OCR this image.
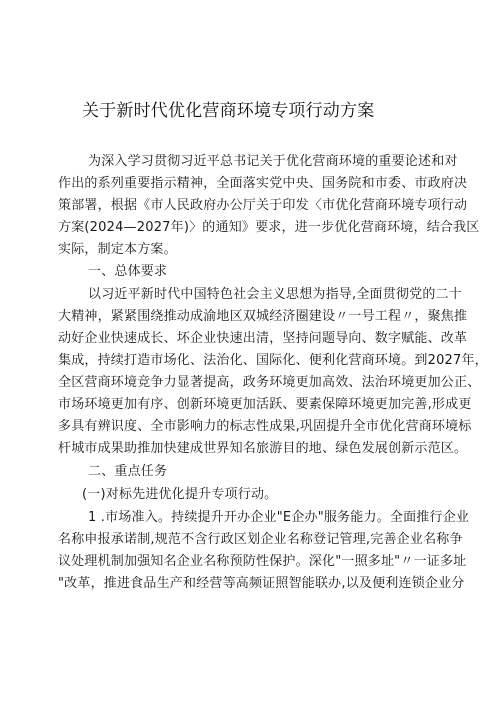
关于新时代优化营商环境专项行动方案
为深入学习贯彻习近平总书记关于优化营商环境的重要论述和对
作出的系列重要指示精神，全面落实党中央、国务院和市委、市政府决
策部署，根据《市人民政府办公厅关于印发〈市优化营商环境专项行动
方案(2024—2027年)〉的通知》要求，进一步优化营商环境，结合我区
实际，制定本方案。
一、总体要求
以习近平新时代中国特色社会主义思想为指导,全面贯彻党的二十
大精神，紧紧围绕推动成渝地区双城经济圈建设〃一号工程〃，聚焦推
动好企业快速成长、坏企业快速出清，坚持问题导向、数字赋能、改革
集成，持续打造市场化、法治化、国际化、便利化营商环境。到2027年，
全区营商环境竞争力显著提高，政务环境更加高效、法治环境更加公正、
市场环境更加有序、创新环境更加活跃、要素保障环境更加完善,形成更
多具有辨识度、全市影响力的标志性成果,巩固提升全市优化营商环境标
杆城市成果助推加快建成世界知名旅游目的地、绿色发展创新示范区。
二、重点任务
(一)对标先进优化提升专项行动。
1 .市场准入。持续提升开办企业"E企办"服务能力。全面推行企业
名称申报承诺制,规范不含行政区划企业名称登记管理,完善企业名称争
议处理机制加强知名企业名称预防性保护。深化"一照多址"〃一证多址
"改革，推进食品生产和经营等高频证照智能联办,以及便利连锁企业分
